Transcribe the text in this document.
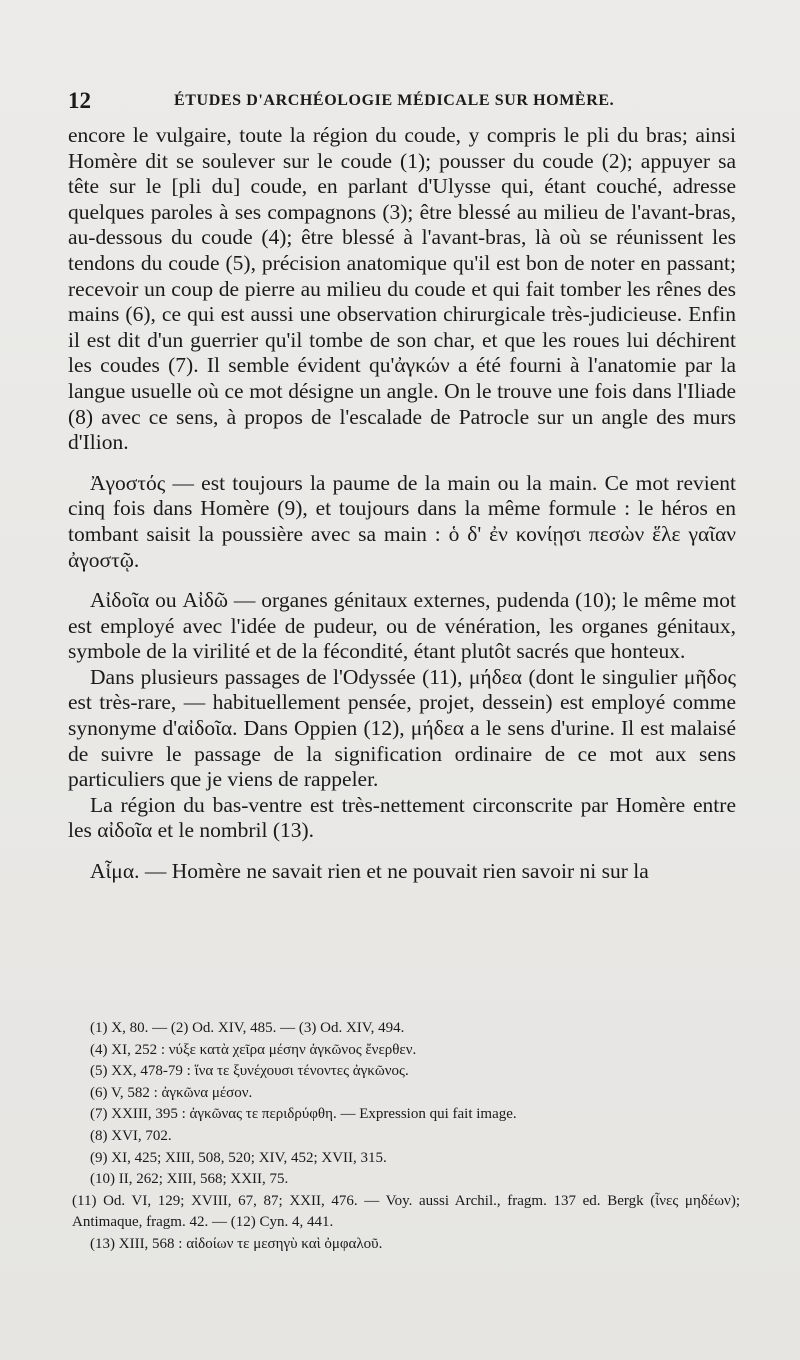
12	ÉTUDES D'ARCHÉOLOGIE MÉDICALE SUR HOMÈRE.

encore le vulgaire, toute la région du coude, y compris le pli du bras; ainsi Homère dit se soulever sur le coude (1); pousser du coude (2); appuyer sa tête sur le [pli du] coude, en parlant d'Ulysse qui, étant couché, adresse quelques paroles à ses compagnons (3); être blessé au milieu de l'avant-bras, au-dessous du coude (4); être blessé à l'avant-bras, là où se réunissent les tendons du coude (5), précision anatomique qu'il est bon de noter en passant; recevoir un coup de pierre au milieu du coude et qui fait tomber les rênes des mains (6), ce qui est aussi une observation chirurgicale très-judicieuse. Enfin il est dit d'un guerrier qu'il tombe de son char, et que les roues lui déchirent les coudes (7). Il semble évident qu'ἀγκών a été fourni à l'anatomie par la langue usuelle où ce mot désigne un angle. On le trouve une fois dans l'Iliade (8) avec ce sens, à propos de l'escalade de Patrocle sur un angle des murs d'Ilion.

Ἀγοστός — est toujours la paume de la main ou la main. Ce mot revient cinq fois dans Homère (9), et toujours dans la même formule : le héros en tombant saisit la poussière avec sa main : ὁ δ' ἐν κονίῃσι πεσὼν ἕλε γαῖαν ἀγοστῷ.

Αἰδοῖα ou Αἰδῶ — organes génitaux externes, pudenda (10); le même mot est employé avec l'idée de pudeur, ou de vénération, les organes génitaux, symbole de la virilité et de la fécondité, étant plutôt sacrés que honteux.

Dans plusieurs passages de l'Odyssée (11), μήδεα (dont le singulier μῆδος est très-rare, — habituellement pensée, projet, dessein) est employé comme synonyme d'αἰδοῖα. Dans Oppien (12), μήδεα a le sens d'urine. Il est malaisé de suivre le passage de la signification ordinaire de ce mot aux sens particuliers que je viens de rappeler.

La région du bas-ventre est très-nettement circonscrite par Homère entre les αἰδοῖα et le nombril (13).

Αἷμα. — Homère ne savait rien et ne pouvait rien savoir ni sur la

(1) X, 80. — (2) Od. XIV, 485. — (3) Od. XIV, 494.

(4) XI, 252 : νύξε κατὰ χεῖρα μέσην ἀγκῶνος ἔνερθεν.

(5) XX, 478-79 : ἵνα τε ξυνέχουσι τένοντες ἀγκῶνος.

(6) V, 582 : ἀγκῶνα μέσον.

(7) XXIII, 395 : ἀγκῶνας τε περιδρύφθη. — Expression qui fait image.

(8) XVI, 702.

(9) XI, 425; XIII, 508, 520; XIV, 452; XVII, 315.

(10) II, 262; XIII, 568; XXII, 75.

(11) Od. VI, 129; XVIII, 67, 87; XXII, 476. — Voy. aussi Archil., fragm. 137 ed. Bergk (ἶνες μηδέων); Antimaque, fragm. 42. — (12) Cyn. 4, 441.

(13) XIII, 568 : αἰδοίων τε μεσηγὺ καὶ ὀμφαλοῦ.
